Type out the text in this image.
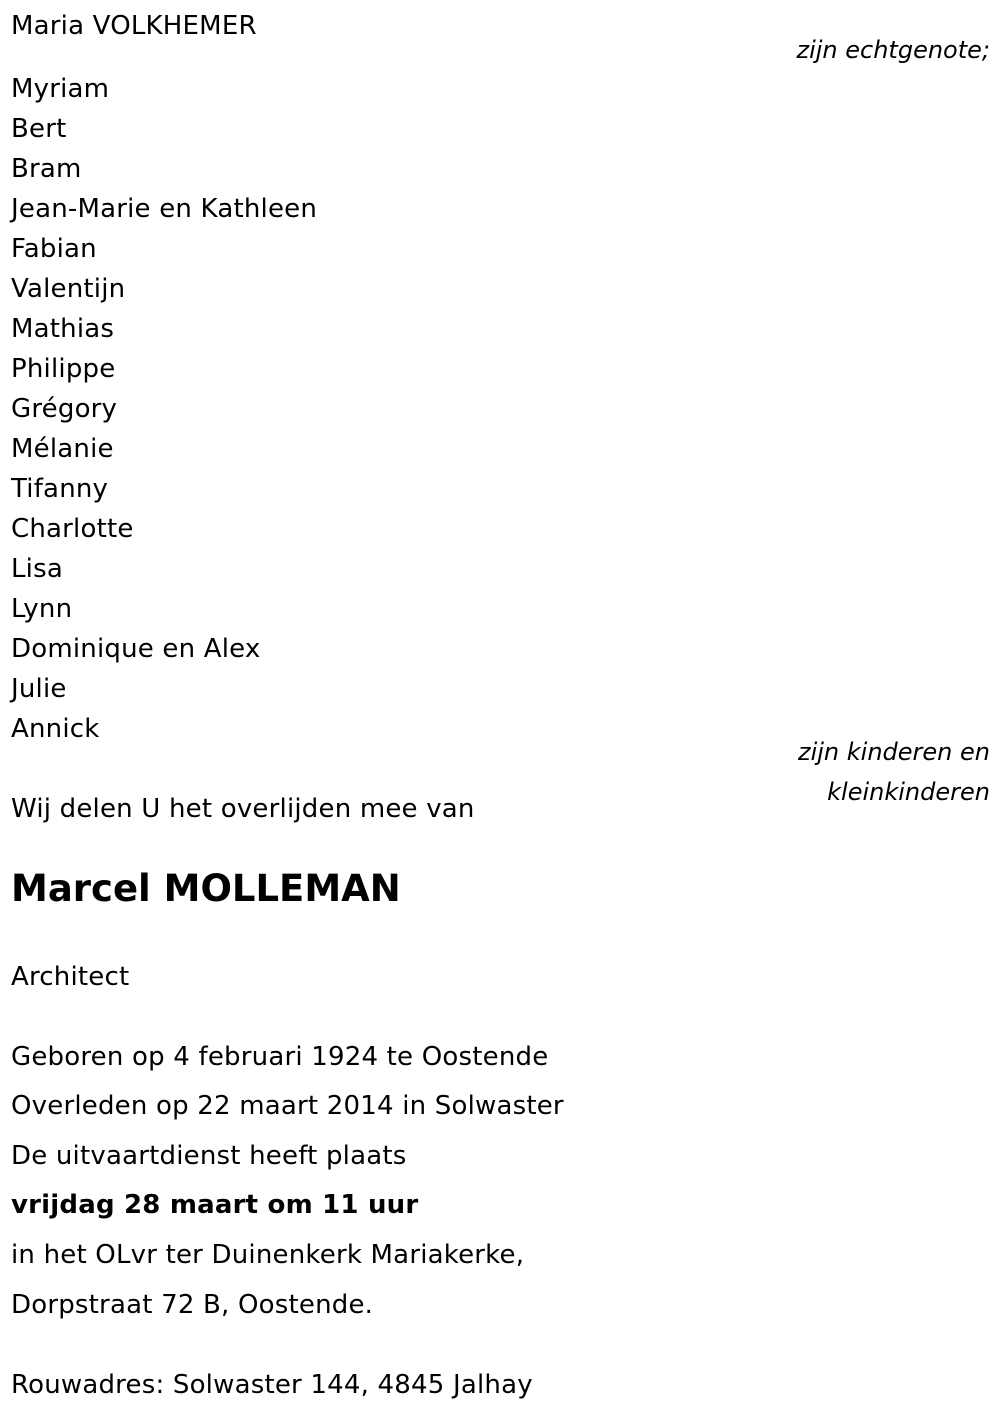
Maria VOLKHEMER
zijn echtgenote;
Myriam
Bert
Bram
Jean-Marie en Kathleen
Fabian
Valentijn
Mathias
Philippe
Grégory
Mélanie
Tifanny
Charlotte
Lisa
Lynn
Dominique en Alex
Julie
Annick
zijn kinderen en
kleinkinderen
Wij delen U het overlijden mee van
Marcel MOLLEMAN
Architect
Geboren op 4 februari 1924 te Oostende
Overleden op 22 maart 2014 in Solwaster
De uitvaartdienst heeft plaats
vrijdag 28 maart om 11 uur
in het OLvr ter Duinenkerk Mariakerke,
Dorpstraat 72 B, Oostende.
Rouwadres: Solwaster 144, 4845 Jalhay
